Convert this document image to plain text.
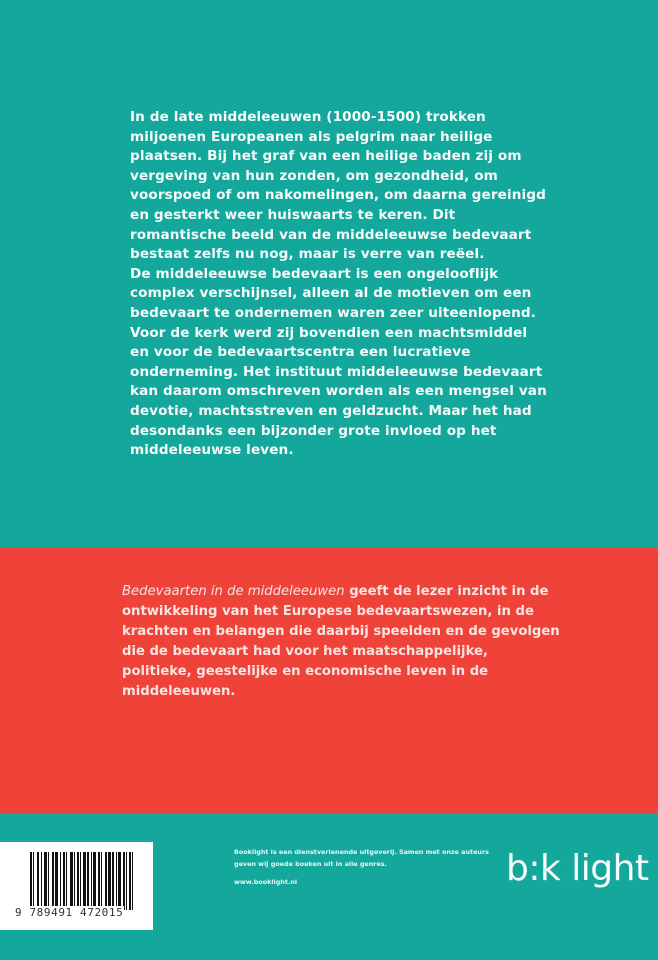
In de late middeleeuwen (1000-1500) trokken miljoenen Europeanen als pelgrim naar heilige plaatsen. Bij het graf van een heilige baden zij om vergeving van hun zonden, om gezondheid, om voorspoed of om nakomelingen, om daarna gereinigd en gesterkt weer huiswaarts te keren. Dit romantische beeld van de middeleeuwse bedevaart bestaat zelfs nu nog, maar is verre van reëel.

De middeleeuwse bedevaart is een ongelooflijk complex verschijnsel, alleen al de motieven om een bedevaart te ondernemen waren zeer uiteenlopend. Voor de kerk werd zij bovendien een machtsmiddel en voor de bedevaartscentra een lucratieve onderneming. Het instituut middeleeuwse bedevaart kan daarom omschreven worden als een mengsel van devotie, machtsstreven en geldzucht. Maar het had desondanks een bijzonder grote invloed op het middeleeuwse leven.

Bedevaarten in de middeleeuwen geeft de lezer inzicht in de ontwikkeling van het Europese bedevaartswezen, in de krachten en belangen die daarbij speelden en de gevolgen die de bedevaart had voor het maatschappelijke, politieke, geestelijke en economische leven in de middeleeuwen.
9 789491 472015
Booklight is een dienstverlenende uitgeverij. Samen met onze auteurs geven wij goede boeken uit in alle genres.
www.booklight.nl	b:k light
